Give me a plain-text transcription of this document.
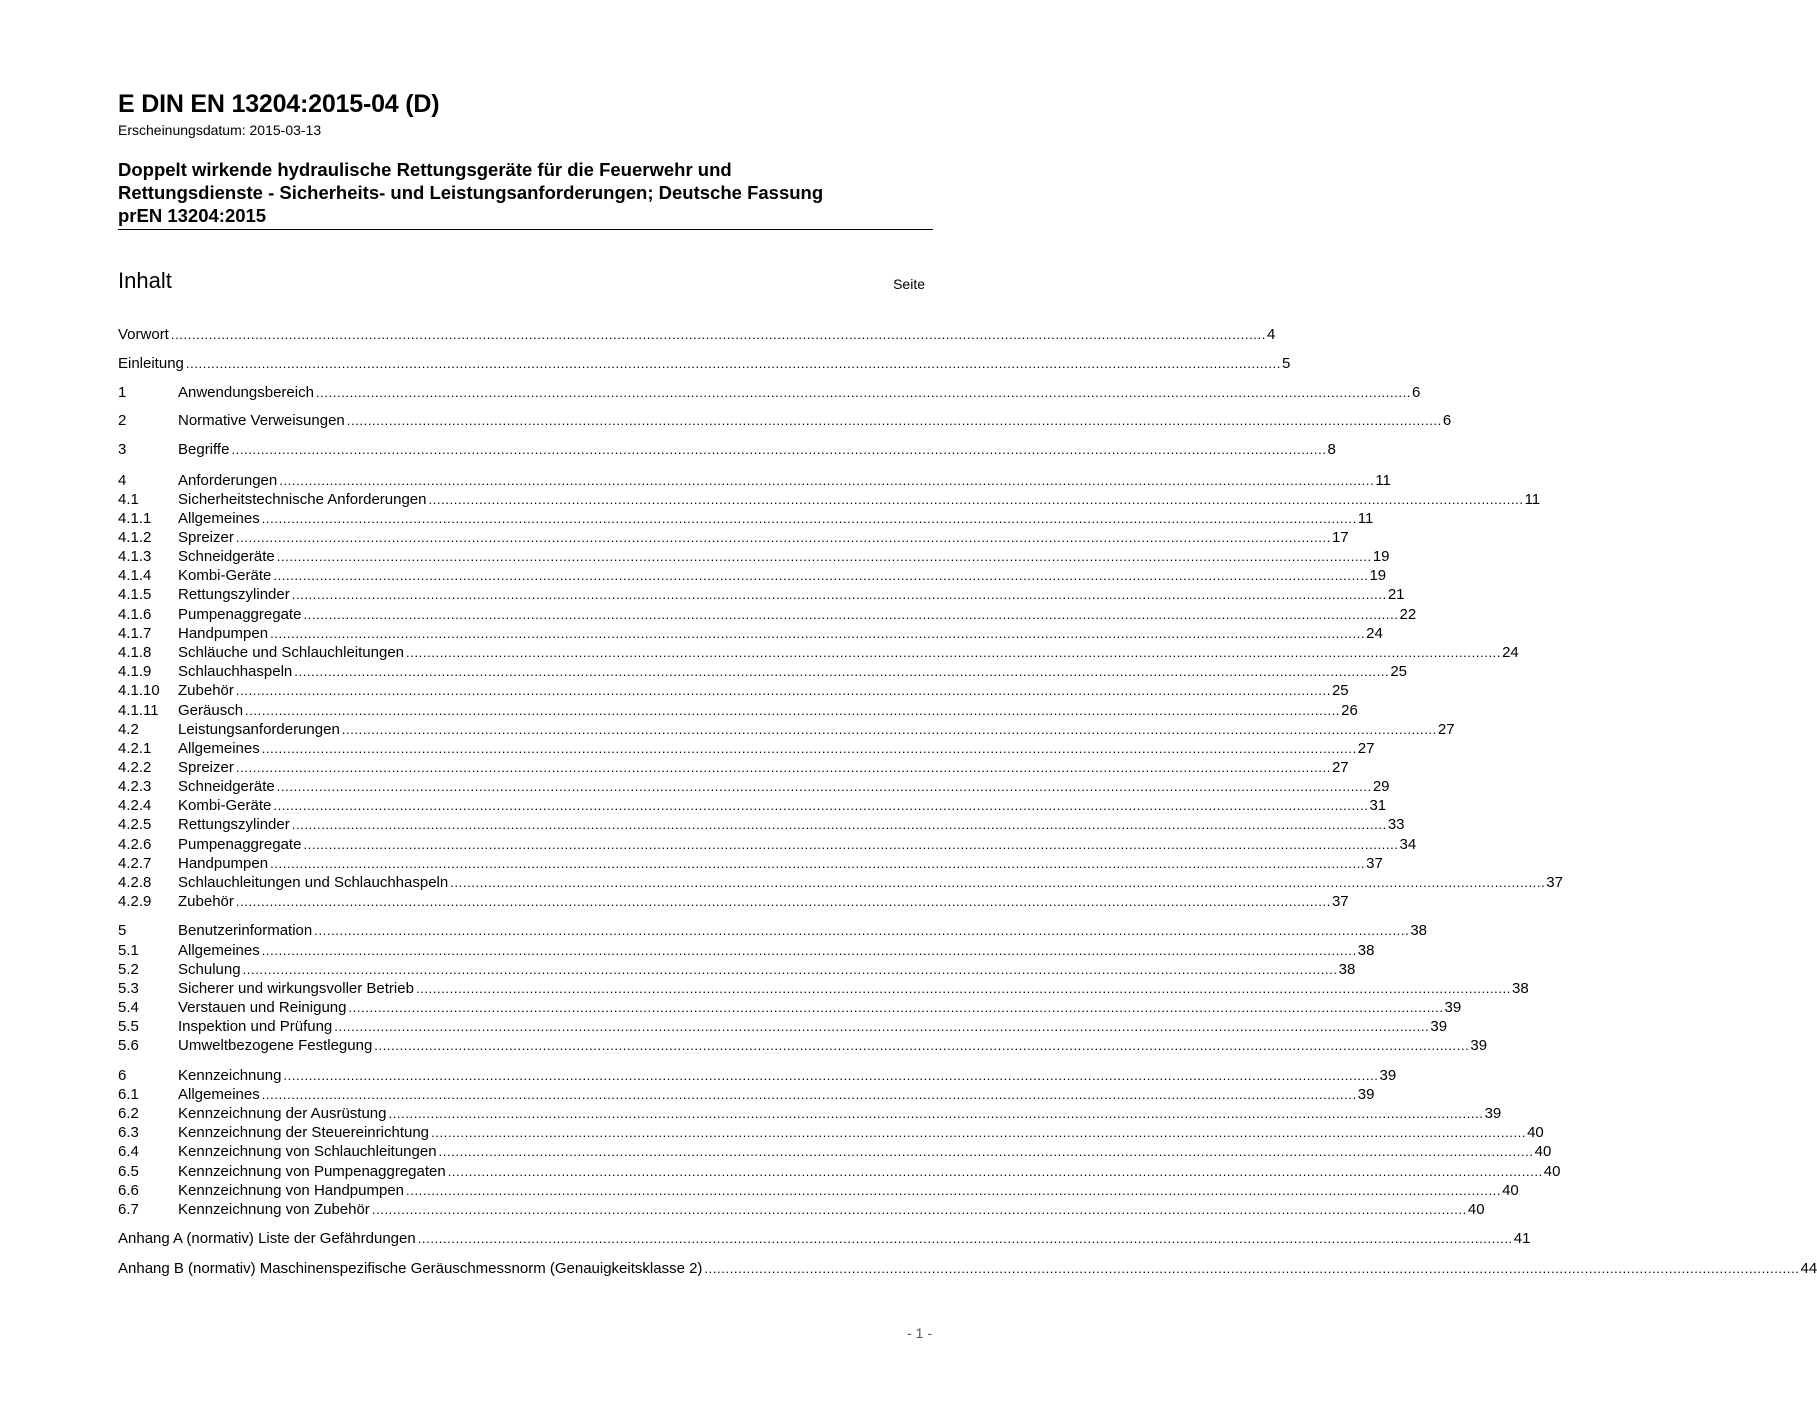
E DIN EN 13204:2015-04 (D)
Erscheinungsdatum: 2015-03-13
Doppelt wirkende hydraulische Rettungsgeräte für die Feuerwehr und
Rettungsdienste - Sicherheits- und Leistungsanforderungen; Deutsche Fassung
prEN 13204:2015
Inhalt	Seite
Vorwort .................................................................................................................................................................................................................................................................... 4
Einleitung .................................................................................................................................................................................................................................................................... 5
1	Anwendungsbereich .................................................................................................................................................................................................................................................................... 6
2	Normative Verweisungen .................................................................................................................................................................................................................................................................... 6
3	Begriffe .................................................................................................................................................................................................................................................................... 8
4	Anforderungen .................................................................................................................................................................................................................................................................... 11
4.1	Sicherheitstechnische Anforderungen .................................................................................................................................................................................................................................................................... 11
4.1.1	Allgemeines .................................................................................................................................................................................................................................................................... 11
4.1.2	Spreizer .................................................................................................................................................................................................................................................................... 17
4.1.3	Schneidgeräte .................................................................................................................................................................................................................................................................... 19
4.1.4	Kombi-Geräte .................................................................................................................................................................................................................................................................... 19
4.1.5	Rettungszylinder .................................................................................................................................................................................................................................................................... 21
4.1.6	Pumpenaggregate .................................................................................................................................................................................................................................................................... 22
4.1.7	Handpumpen .................................................................................................................................................................................................................................................................... 24
4.1.8	Schläuche und Schlauchleitungen .................................................................................................................................................................................................................................................................... 24
4.1.9	Schlauchhaspeln .................................................................................................................................................................................................................................................................... 25
4.1.10	Zubehör .................................................................................................................................................................................................................................................................... 25
4.1.11	Geräusch .................................................................................................................................................................................................................................................................... 26
4.2	Leistungsanforderungen .................................................................................................................................................................................................................................................................... 27
4.2.1	Allgemeines .................................................................................................................................................................................................................................................................... 27
4.2.2	Spreizer .................................................................................................................................................................................................................................................................... 27
4.2.3	Schneidgeräte .................................................................................................................................................................................................................................................................... 29
4.2.4	Kombi-Geräte .................................................................................................................................................................................................................................................................... 31
4.2.5	Rettungszylinder .................................................................................................................................................................................................................................................................... 33
4.2.6	Pumpenaggregate .................................................................................................................................................................................................................................................................... 34
4.2.7	Handpumpen .................................................................................................................................................................................................................................................................... 37
4.2.8	Schlauchleitungen und Schlauchhaspeln .................................................................................................................................................................................................................................................................... 37
4.2.9	Zubehör .................................................................................................................................................................................................................................................................... 37
5	Benutzerinformation .................................................................................................................................................................................................................................................................... 38
5.1	Allgemeines .................................................................................................................................................................................................................................................................... 38
5.2	Schulung .................................................................................................................................................................................................................................................................... 38
5.3	Sicherer und wirkungsvoller Betrieb .................................................................................................................................................................................................................................................................... 38
5.4	Verstauen und Reinigung .................................................................................................................................................................................................................................................................... 39
5.5	Inspektion und Prüfung .................................................................................................................................................................................................................................................................... 39
5.6	Umweltbezogene Festlegung .................................................................................................................................................................................................................................................................... 39
6	Kennzeichnung .................................................................................................................................................................................................................................................................... 39
6.1	Allgemeines .................................................................................................................................................................................................................................................................... 39
6.2	Kennzeichnung der Ausrüstung .................................................................................................................................................................................................................................................................... 39
6.3	Kennzeichnung der Steuereinrichtung .................................................................................................................................................................................................................................................................... 40
6.4	Kennzeichnung von Schlauchleitungen .................................................................................................................................................................................................................................................................... 40
6.5	Kennzeichnung von Pumpenaggregaten .................................................................................................................................................................................................................................................................... 40
6.6	Kennzeichnung von Handpumpen .................................................................................................................................................................................................................................................................... 40
6.7	Kennzeichnung von Zubehör .................................................................................................................................................................................................................................................................... 40
Anhang A (normativ) Liste der Gefährdungen .................................................................................................................................................................................................................................................................... 41
Anhang B (normativ) Maschinenspezifische Geräuschmessnorm (Genauigkeitsklasse 2) .................................................................................................................................................................................................................................................................... 44
- 1 -
